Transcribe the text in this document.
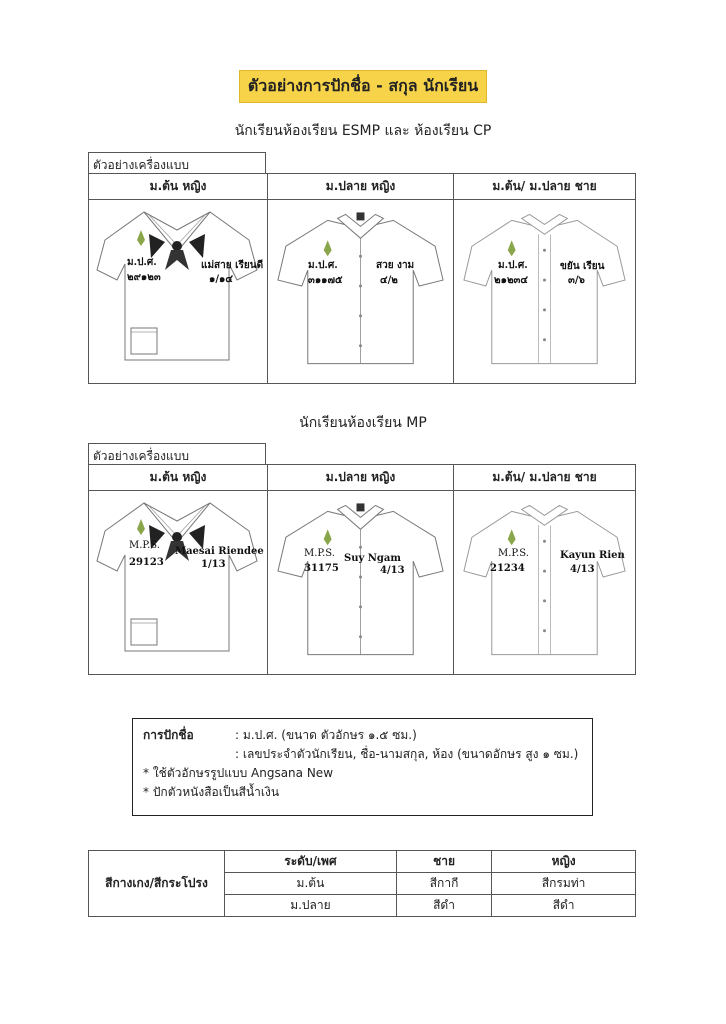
ตัวอย่างการปักชื่อ - สกุล นักเรียน
นักเรียนห้องเรียน ESMP และ ห้องเรียน CP
ตัวอย่างเครื่องแบบ
ม.ต้น หญิง	ม.ปลาย หญิง	ม.ต้น/ ม.ปลาย ชาย
ม.ป.ศ.
๒๙๑๒๓
แม่สาย เรียนดี
๑/๑๔
ม.ป.ศ.
๓๑๑๗๕
สวย งาม
๔/๒
ม.ป.ศ.
๒๑๒๓๔
ขยัน เรียน
๓/๖
นักเรียนห้องเรียน MP
ตัวอย่างเครื่องแบบ
ม.ต้น หญิง	ม.ปลาย หญิง	ม.ต้น/ ม.ปลาย ชาย
M.P.S.
29123
Maesai Riendee
1/13
M.P.S.
31175
Suy Ngam
4/13
M.P.S.
21234
Kayun Rien
4/13
การปักชื่อ	: ม.ป.ศ. (ขนาด ตัวอักษร ๑.๕ ซม.)
: เลขประจำตัวนักเรียน, ชื่อ-นามสกุล, ห้อง (ขนาดอักษร สูง ๑ ซม.)
* ใช้ตัวอักษรรูปแบบ Angsana New
* ปักตัวหนังสือเป็นสีน้ำเงิน
สีกางเกง/สีกระโปรง	ระดับ/เพศ	ชาย	หญิง
	ม.ต้น	สีกากี	สีกรมท่า
	ม.ปลาย	สีดำ	สีดำ
